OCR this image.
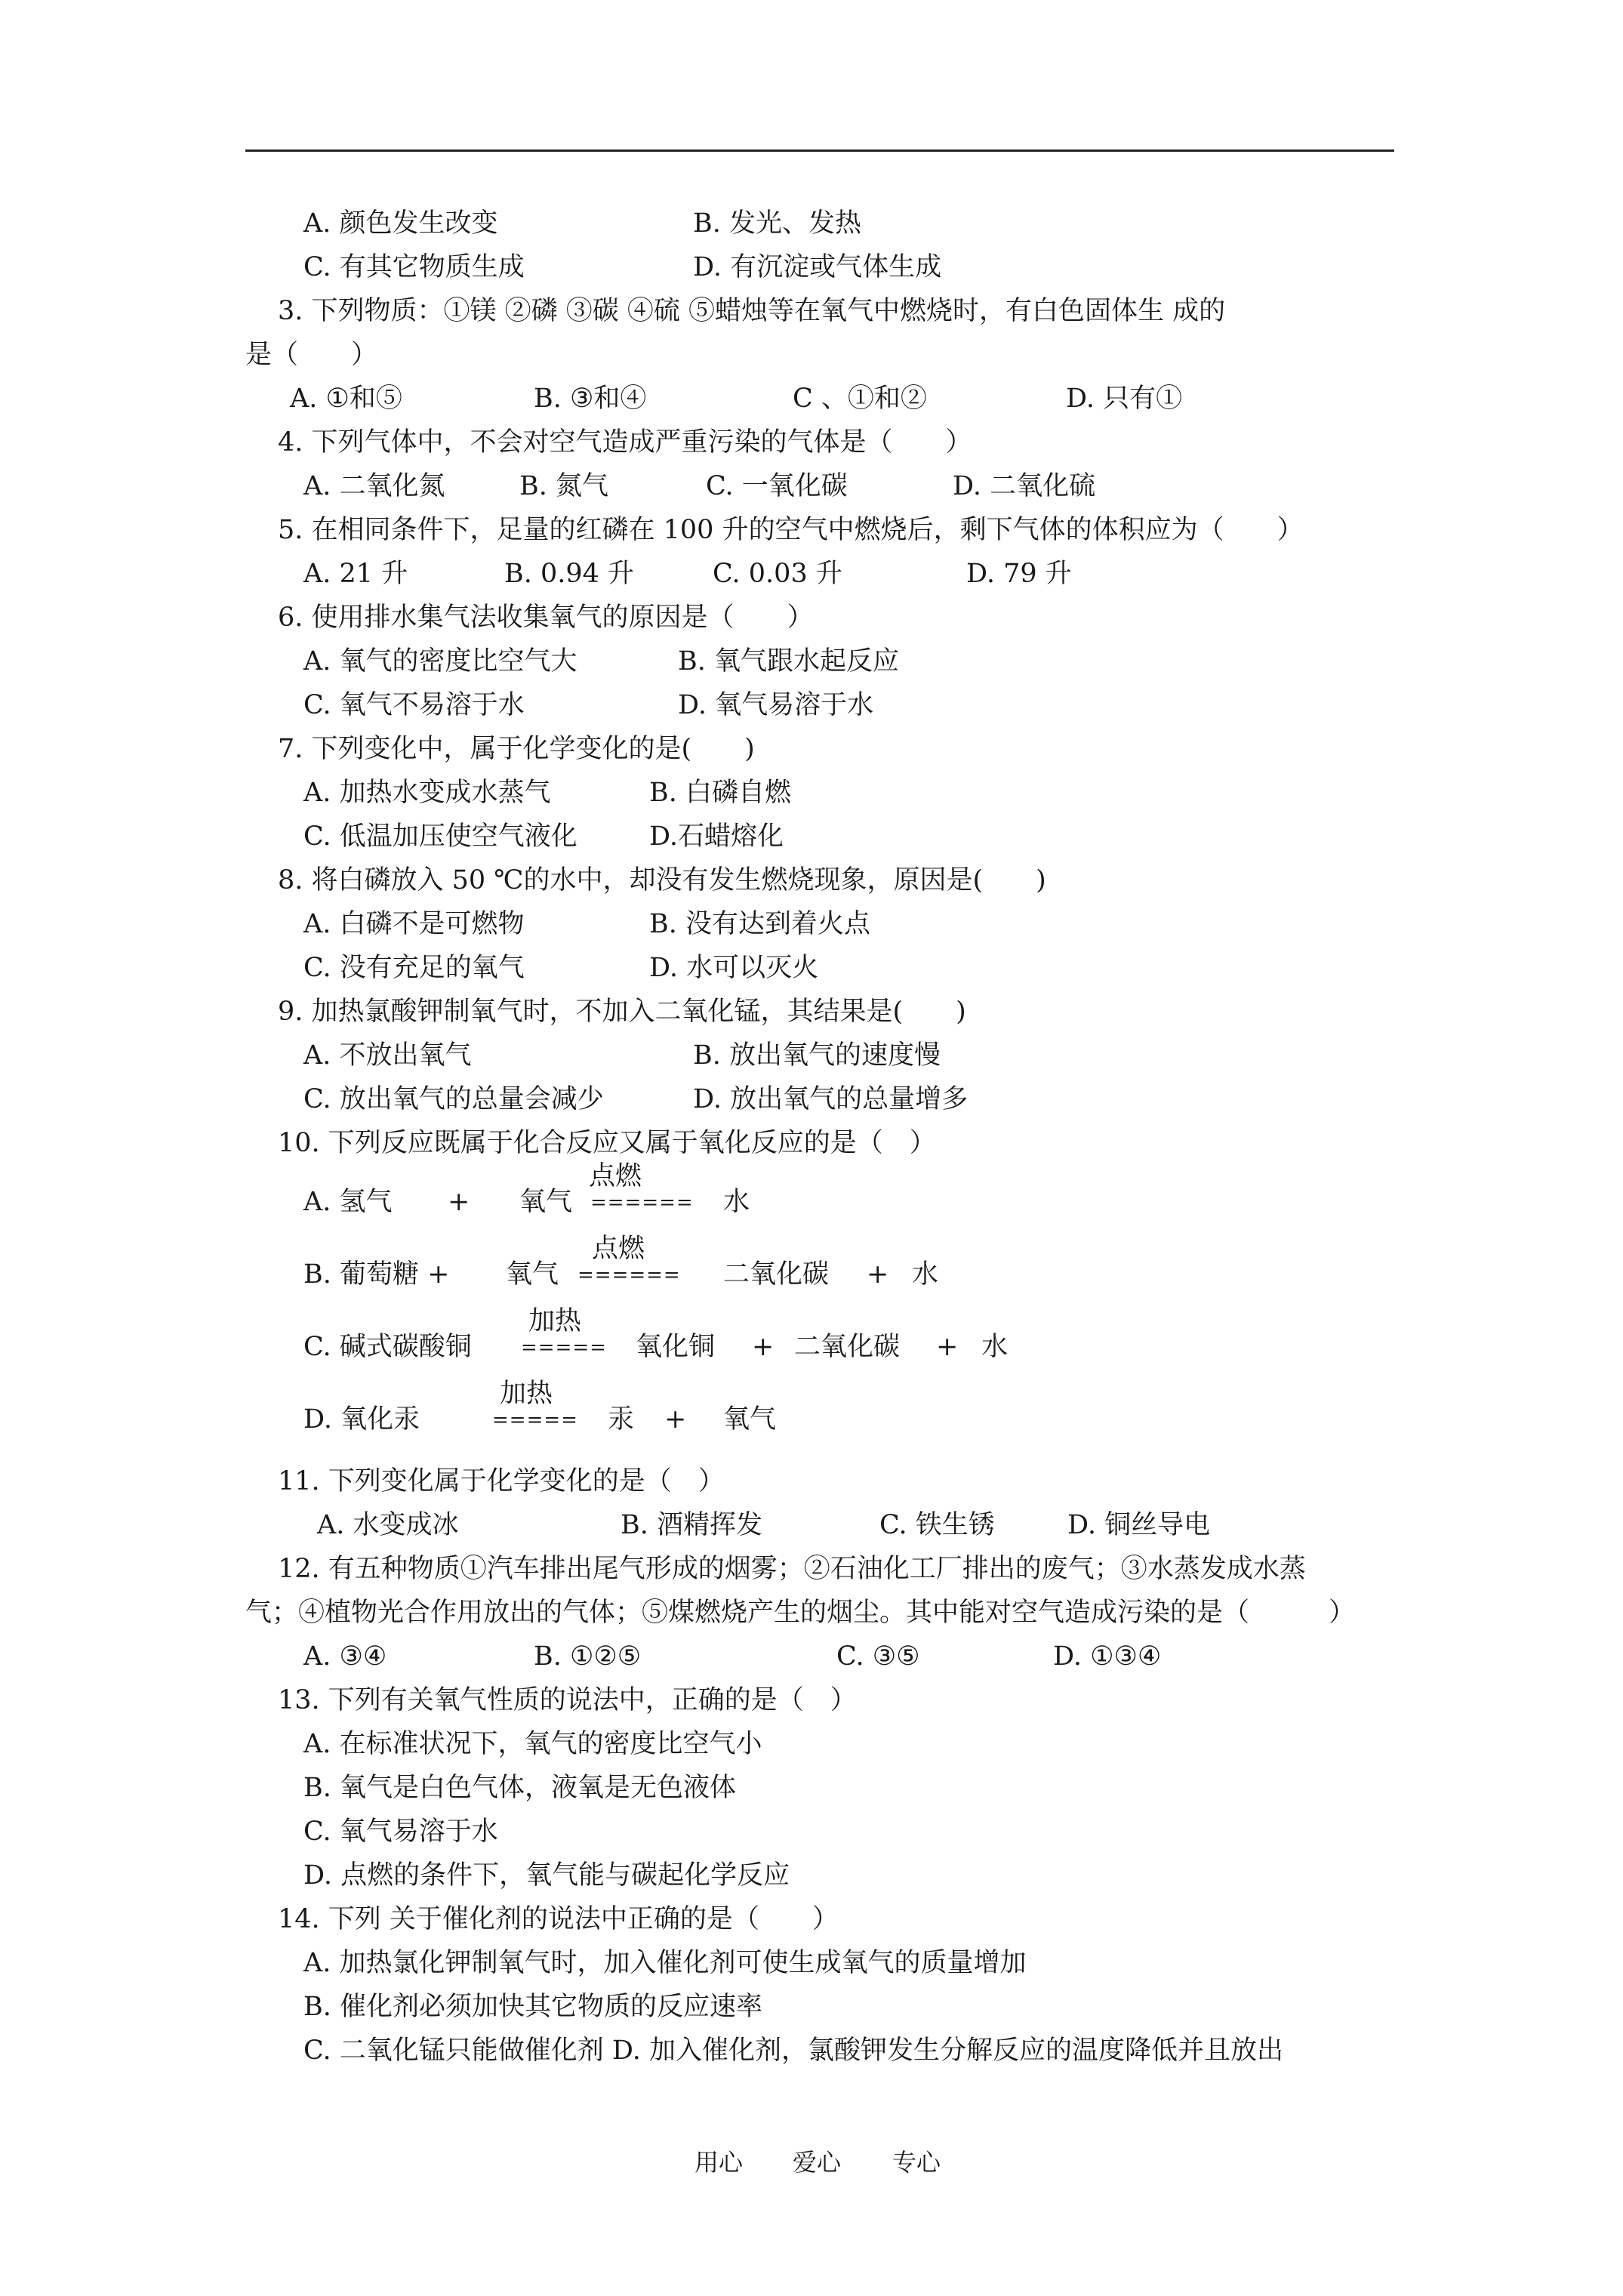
A. 颜色发生改变	B. 发光、发热
C. 有其它物质生成	D. 有沉淀或气体生成
3. 下列物质：①镁 ②磷 ③碳 ④硫 ⑤蜡烛等在氧气中燃烧时，有白色固体生 成的
是（　　）
A. ①和⑤	B. ③和④	C 、①和②	D. 只有①
4. 下列气体中，不会对空气造成严重污染的气体是（　　）
A. 二氧化氮	B. 氮气	C. 一氧化碳	D. 二氧化硫
5. 在相同条件下，足量的红磷在 100 升的空气中燃烧后，剩下气体的体积应为（　　）
A. 21 升	B. 0.94 升	C. 0.03 升	D. 79 升
6. 使用排水集气法收集氧气的原因是（　　）
A. 氧气的密度比空气大	B. 氧气跟水起反应
C. 氧气不易溶于水	D. 氧气易溶于水
7. 下列变化中，属于化学变化的是(　　)
A. 加热水变成水蒸气	B. 白磷自燃
C. 低温加压使空气液化	D.石蜡熔化
8. 将白磷放入 50 ℃的水中，却没有发生燃烧现象，原因是(　　)
A. 白磷不是可燃物	B. 没有达到着火点
C. 没有充足的氧气	D. 水可以灭火
9. 加热氯酸钾制氧气时，不加入二氧化锰，其结果是(　　)
A. 不放出氧气	B. 放出氧气的速度慢
C. 放出氧气的总量会减少	D. 放出氧气的总量增多
10. 下列反应既属于化合反应又属于氧化反应的是（　）
点燃
A. 氢气 + 氧气 ====== 水
点燃
B. 葡萄糖 + 氧气 ====== 二氧化碳 + 水
加热
C. 碱式碳酸铜	===== 氧化铜 + 二氧化碳 + 水
加热
D. 氧化汞	===== 汞 + 氧气
11. 下列变化属于化学变化的是（　）
A. 水变成冰	B. 酒精挥发	C. 铁生锈	D. 铜丝导电
12. 有五种物质①汽车排出尾气形成的烟雾；②石油化工厂排出的废气；③水蒸发成水蒸
气；④植物光合作用放出的气体；⑤煤燃烧产生的烟尘。其中能对空气造成污染的是（　　　）
A. ③④	B. ①②⑤	C. ③⑤	D. ①③④
13. 下列有关氧气性质的说法中，正确的是（　）
A. 在标准状况下，氧气的密度比空气小
B. 氧气是白色气体，液氧是无色液体
C. 氧气易溶于水
D. 点燃的条件下，氧气能与碳起化学反应
14. 下列 关于催化剂的说法中正确的是（　　）
A. 加热氯化钾制氧气时，加入催化剂可使生成氧气的质量增加
B. 催化剂必须加快其它物质的反应速率
C. 二氧化锰只能做催化剂 D. 加入催化剂，氯酸钾发生分解反应的温度降低并且放出
用心 爱心 专心
